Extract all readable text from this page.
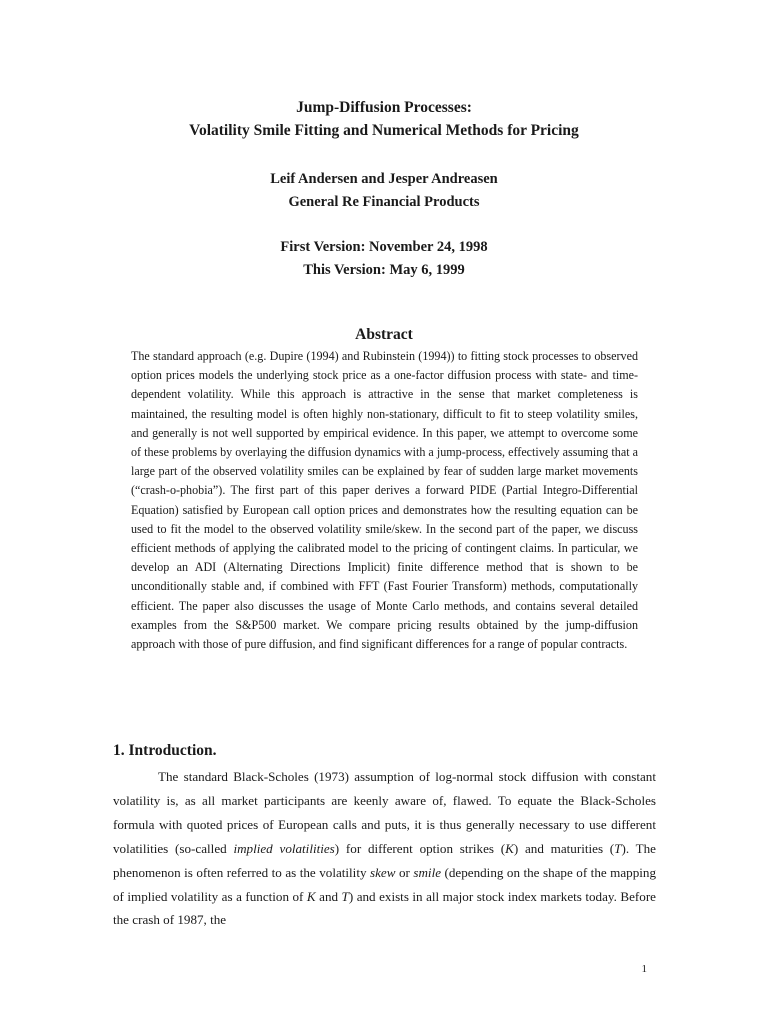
Jump-Diffusion Processes:
Volatility Smile Fitting and Numerical Methods for Pricing
Leif Andersen and Jesper Andreasen
General Re Financial Products
First Version: November 24, 1998
This Version: May 6, 1999
Abstract
The standard approach (e.g. Dupire (1994) and Rubinstein (1994)) to fitting stock processes to observed option prices models the underlying stock price as a one-factor diffusion process with state- and time-dependent volatility. While this approach is attractive in the sense that market completeness is maintained, the resulting model is often highly non-stationary, difficult to fit to steep volatility smiles, and generally is not well supported by empirical evidence. In this paper, we attempt to overcome some of these problems by overlaying the diffusion dynamics with a jump-process, effectively assuming that a large part of the observed volatility smiles can be explained by fear of sudden large market movements (“crash-o-phobia”). The first part of this paper derives a forward PIDE (Partial Integro-Differential Equation) satisfied by European call option prices and demonstrates how the resulting equation can be used to fit the model to the observed volatility smile/skew. In the second part of the paper, we discuss efficient methods of applying the calibrated model to the pricing of contingent claims. In particular, we develop an ADI (Alternating Directions Implicit) finite difference method that is shown to be unconditionally stable and, if combined with FFT (Fast Fourier Transform) methods, computationally efficient. The paper also discusses the usage of Monte Carlo methods, and contains several detailed examples from the S&P500 market. We compare pricing results obtained by the jump-diffusion approach with those of pure diffusion, and find significant differences for a range of popular contracts.
1. Introduction.
The standard Black-Scholes (1973) assumption of log-normal stock diffusion with constant volatility is, as all market participants are keenly aware of, flawed. To equate the Black-Scholes formula with quoted prices of European calls and puts, it is thus generally necessary to use different volatilities (so-called implied volatilities) for different option strikes (K) and maturities (T). The phenomenon is often referred to as the volatility skew or smile (depending on the shape of the mapping of implied volatility as a function of K and T) and exists in all major stock index markets today. Before the crash of 1987, the
1
